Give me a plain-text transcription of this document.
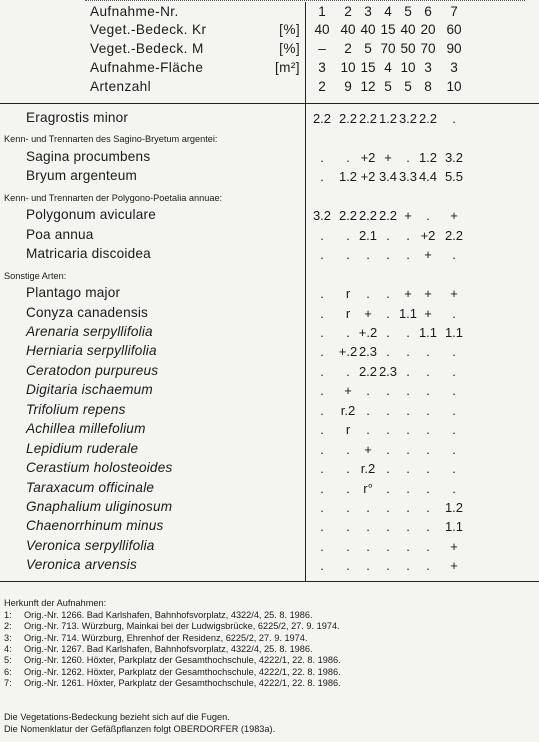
Aufnahme-Nr.	1	2 3 4 5 6	7
Veget.-Bedeck. Kr	[%]	40 40 40 15 40 20 60
Veget.-Bedeck. M	[%]	–	2 5 70 50 70 90
Aufnahme-Fläche	[m²]	3	10 15 4 10 3	3
Artenzahl	2	9 12 5 5 8	10
Eragrostis minor	2.2 2.2 2.2 1.2 3.2 2.2	.
Kenn- und Trennarten des Sagino-Bryetum argentei:
Sagina procumbens	.	. +2 +	. 1.2 3.2
Bryum argenteum	.	1.2 +2 3.4 3.3 4.4 5.5
Kenn- und Trennarten der Polygono-Poetalia annuae:
Polygonum aviculare	3.2 2.2 2.2 2.2 +	.	+
Poa annua	.	. 2.1 .	. +2 2.2
Matricaria discoidea	.	.	.	.	.	+	.
Sonstige Arten:
Plantago major	.	r	.	.	+ +	+
Conyza canadensis	.	r	+	. 1.1 +	.
Arenaria serpyllifolia	.	. +.2 .	. 1.1 1.1
Herniaria serpyllifolia	.	+.2 2.3 .	.	.	.
Ceratodon purpureus	.	. 2.2 2.3 .	.	.
Digitaria ischaemum	.	+	.	.	.	.	.
Trifolium repens	.	r.2 .	.	.	.	.
Achillea millefolium	.	r	.	.	.	.	.
Lepidium ruderale	.	.	+	.	.	.	.
Cerastium holosteoides	.	. r.2 .	.	.	.
Taraxacum officinale	.	.	r°	.	.	.	.
Gnaphalium uliginosum	.	.	.	.	.	.	1.2
Chaenorrhinum minus	.	.	.	.	.	.	1.1
Veronica serpyllifolia	.	.	.	.	.	.	+
Veronica arvensis	.	.	.	.	.	.	+
Herkunft der Aufnahmen:
1: Orig.-Nr. 1266. Bad Karlshafen, Bahnhofsvorplatz, 4322/4, 25. 8. 1986.
2: Orig.-Nr. 713. Würzburg, Mainkai bei der Ludwigsbrücke, 6225/2, 27. 9. 1974.
3: Orig.-Nr. 714. Würzburg, Ehrenhof der Residenz, 6225/2, 27. 9. 1974.
4: Orig.-Nr. 1267. Bad Karlshafen, Bahnhofsvorplatz, 4322/4, 25. 8. 1986.
5: Orig.-Nr. 1260. Höxter, Parkplatz der Gesamthochschule, 4222/1, 22. 8. 1986.
6: Orig.-Nr. 1262. Höxter, Parkplatz der Gesamthochschule, 4222/1, 22. 8. 1986.
7: Orig.-Nr. 1261. Höxter, Parkplatz der Gesamthochschule, 4222/1, 22. 8. 1986.
Die Vegetations-Bedeckung bezieht sich auf die Fugen.
Die Nomenklatur der Gefäßpflanzen folgt OBERDORFER (1983a).
